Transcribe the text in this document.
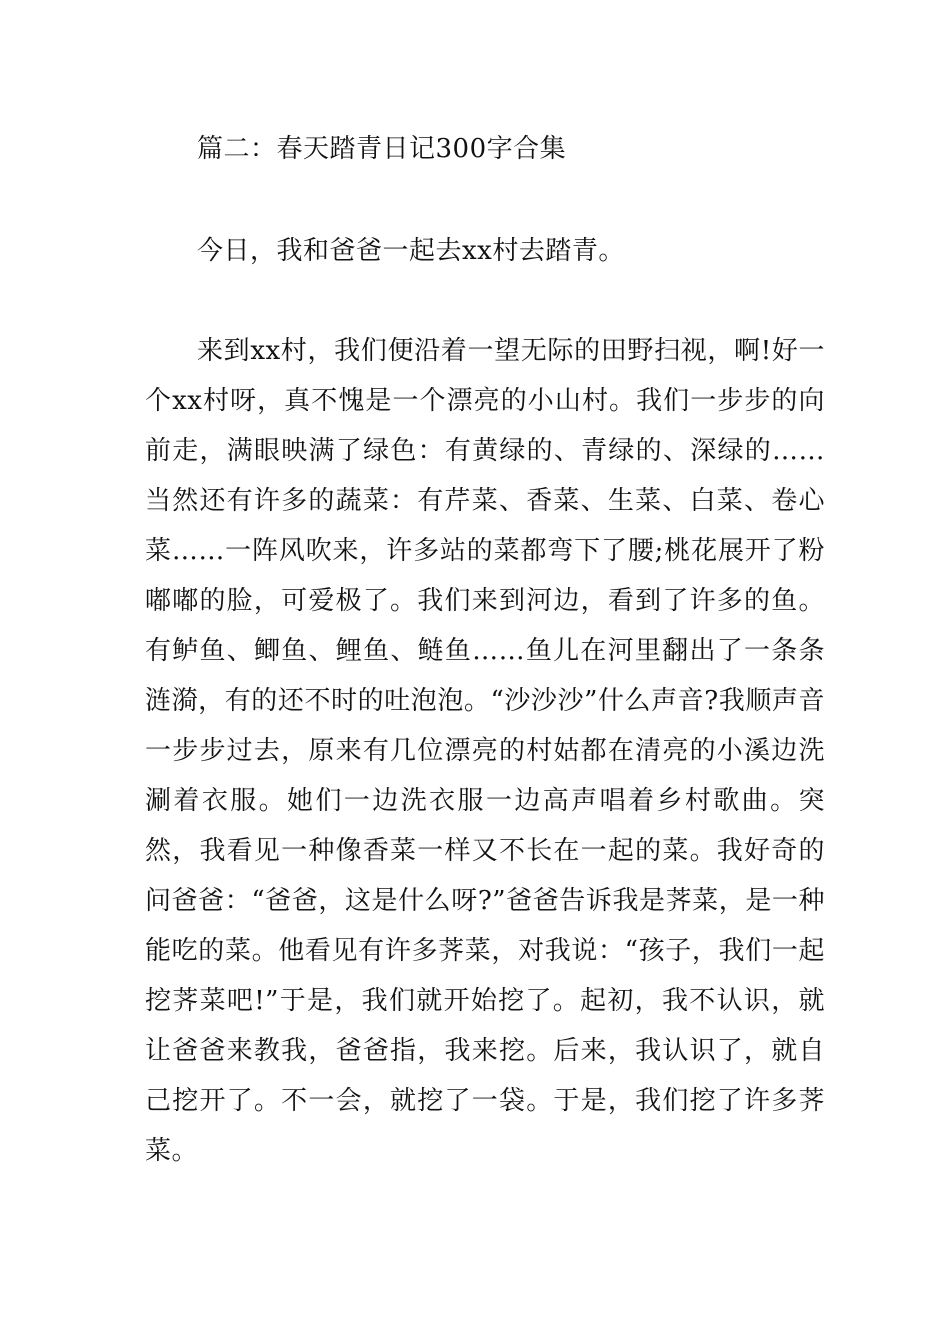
篇二：春天踏青日记300字合集

今日，我和爸爸一起去xx村去踏青。

来到xx村，我们便沿着一望无际的田野扫视，啊!好一个xx村呀，真不愧是一个漂亮的小山村。我们一步步的向前走，满眼映满了绿色：有黄绿的、青绿的、深绿的……当然还有许多的蔬菜：有芹菜、香菜、生菜、白菜、卷心菜……一阵风吹来，许多站的菜都弯下了腰;桃花展开了粉嘟嘟的脸，可爱极了。我们来到河边，看到了许多的鱼。有鲈鱼、鲫鱼、鲤鱼、鲢鱼……鱼儿在河里翻出了一条条涟漪，有的还不时的吐泡泡。“沙沙沙”什么声音?我顺声音一步步过去，原来有几位漂亮的村姑都在清亮的小溪边洗涮着衣服。她们一边洗衣服一边高声唱着乡村歌曲。突然，我看见一种像香菜一样又不长在一起的菜。我好奇的问爸爸：“爸爸，这是什么呀?”爸爸告诉我是荠菜，是一种能吃的菜。他看见有许多荠菜，对我说：“孩子，我们一起挖荠菜吧!”于是，我们就开始挖了。起初，我不认识，就让爸爸来教我，爸爸指，我来挖。后来，我认识了，就自己挖开了。不一会，就挖了一袋。于是，我们挖了许多荠菜。
